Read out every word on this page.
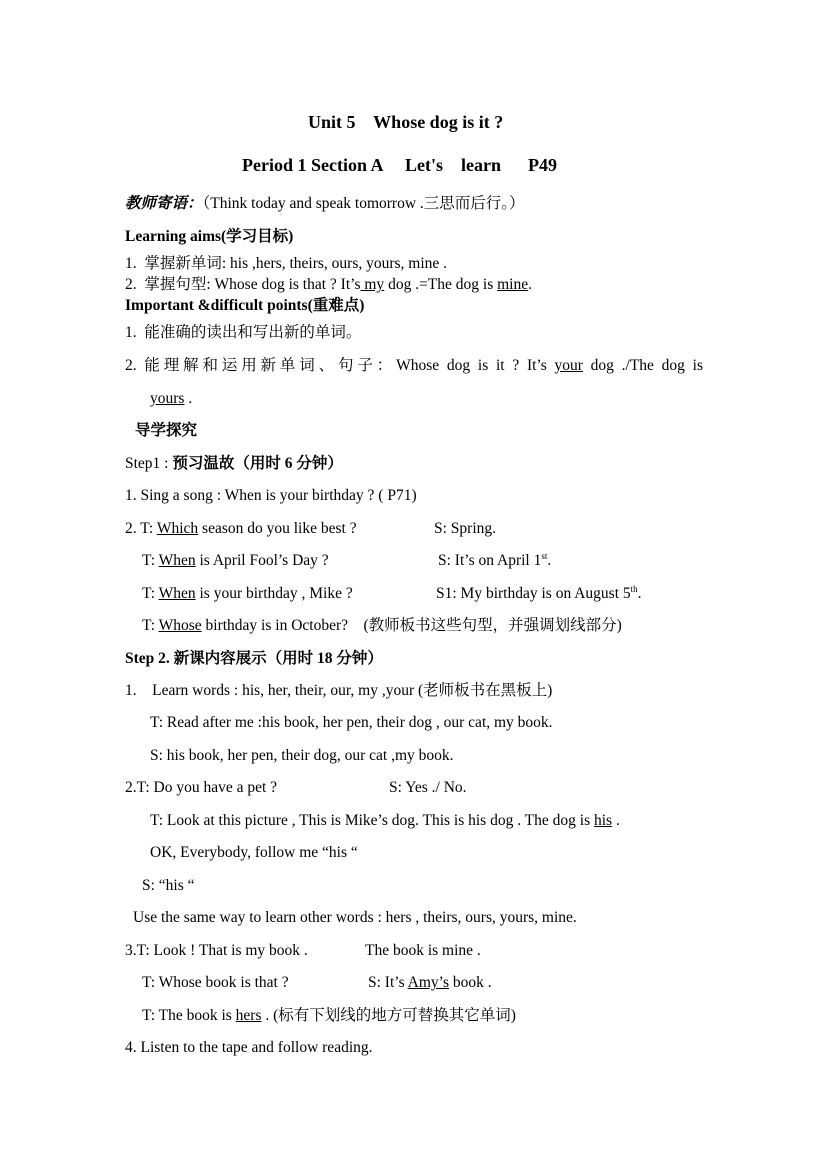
Unit 5    Whose dog is it ?
Period 1 Section A     Let's    learn      P49
教师寄语：（Think today and speak tomorrow .三思而后行。）
Learning aims(学习目标)
1.  掌握新单词: his ,hers, theirs, ours, yours, mine .
2.  掌握句型: Whose dog is that ? It’s my dog .=The dog is mine.
Important &difficult points(重难点)
1.  能准确的读出和写出新的单词。
2. 能理解和运用新单词、句子：Whose dog is it ? It’s your dog ./The dog is
yours .
导学探究
Step1 : 预习温故（用时 6 分钟）
1. Sing a song : When is your birthday ? ( P71)
2. T: Which season do you like best ?	S: Spring.
T: When is April Fool’s Day ?	S: It’s on April 1st.
T: When is your birthday , Mike ?	S1: My birthday is on August 5th.
T: Whose birthday is in October?    (教师板书这些句型，并强调划线部分)
Step 2. 新课内容展示（用时 18 分钟）
1.    Learn words : his, her, their, our, my ,your (老师板书在黑板上)
T: Read after me :his book, her pen, their dog , our cat, my book.
S: his book, her pen, their dog, our cat ,my book.
2.T: Do you have a pet ?	S: Yes ./ No.
T: Look at this picture , This is Mike’s dog. This is his dog . The dog is his .
OK, Everybody, follow me “his “
S: “his “
Use the same way to learn other words : hers , theirs, ours, yours, mine.
3.T: Look ! That is my book .	The book is mine .
T: Whose book is that ?	S: It’s Amy’s book .
T: The book is hers . (标有下划线的地方可替换其它单词)
4. Listen to the tape and follow reading.
